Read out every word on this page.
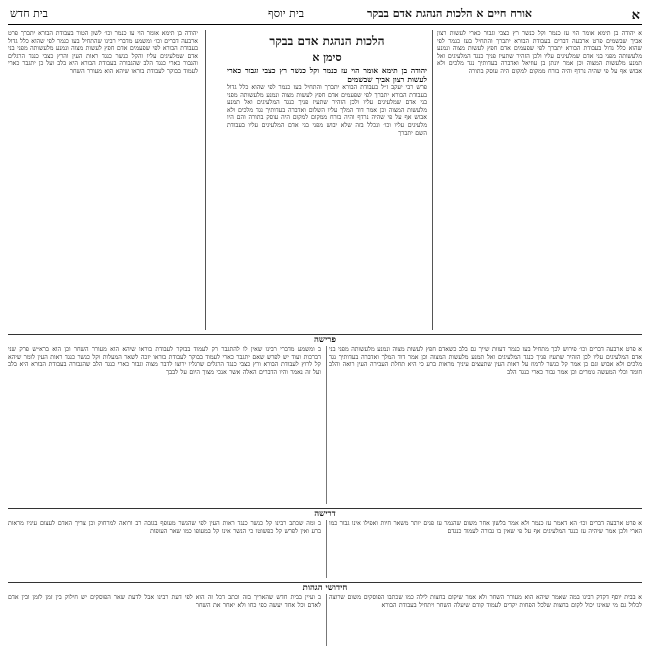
א
אורח חיים א הלכות הנהגת אדם בבקר
בית יוסף
בית חדש

א יהודה בן תימא אומר הוי עז כנמר וקל כנשר רץ כצבי וגבור כארי לעשות רצון אביך שבשמים פרט ארבעה דברים בעבודת הבורא יתברך והתחיל בעז כנמר לפי שהוא כלל גדול בעבודת הבורא יתברך לפי שפעמים אדם חפץ לעשות מצוה ונמנע מלעשותה מפני בני אדם שמלעיגים עליו ולכן הזהיר שתעיז פניך כנגד המלעיגים ואל תמנע מלעשות המצוה וכן אמר יונתן בן עוזיאל ואדברה בעדותיך נגד מלכים ולא אבוש אף על פי שהיה נרדף והיה בורח ממקום למקום היה עוסק בתורה

הלכות הנהגת אדם בבקר
סימן א

יהודה בן תימא אומר הוי עז כנמר וקל כנשר רץ כצבי וגבור כארי לעשות רצון אביך שבשמים

פרש רבי יעקב ז״ל בעבודת הבורא יתברך והתחיל בעז כנמר לפי שהוא כלל גדול בעבודת הבורא יתברך לפי שפעמים אדם חפץ לעשות מצוה ונמנע מלעשותה מפני בני אדם שמלעיגים עליו ולכן הזהיר שתעיז פניך כנגד המלעיגים ואל תמנע מלעשות המצוה וכן אמר דוד המלך עליו השלום ואדברה בעדותיך נגד מלכים ולא אבוש אף על פי שהיה נרדף והיה בורח ממקום למקום היה עוסק בתורה והם היו מלעיגים עליו וכו׳ ונכלל בזה שלא יבוש מפני בני אדם המלעיגים עליו בעבודת השם יתברך

יהודה בן תימא אומר הוי עז כנמר וכו׳ לשון הטור בעבודת הבורא יתברך פרט ארבעה דברים וכו׳ ומשמע מדברי רבינו שהתחיל בעז כנמר לפי שהוא כלל גדול בעבודת הבורא לפי שפעמים אדם חפץ לעשות מצוה ונמנע מלעשותה מפני בני אדם שמלעיגים עליו והקל כנשר כנגד ראות העין והרץ כצבי כנגד הרגלים והגבור כארי כנגד הלב שהגבורה בעבודת הבורא היא בלב ועל כן יתגבר כארי לעמוד בבוקר לעבודת בוראו שיהא הוא מעורר השחר

פרישה

א פרט ארבעה דברים וכו׳ פירוש לכך מתחיל בעז כנמר דעזות שייך גם בלב כשאדם חפץ לעשות מצוה ונמנע מלעשותה מפני בני אדם המלעיגים עליו לכן הזהיר שתעיז פניך כנגד המלעיגים ואל תמנע מלעשות המצוה וכן אמר דוד המלך ואדברה בעדותיך נגד מלכים ולא אבוש וגם כן אמר קל כנשר לרמוז על ראות העין שתעצים עיניך מראות ברע כי היא תחלת העבירה העין רואה והלב חומד וכלי המעשה גומרים וכן אמר גבור כארי כנגד הלב

ב ומשמע מדברי רבינו שאין לו להתגבר רק לעמוד בבוקר לעבודת בוראו שיהא הוא מעורר השחר וכן הוא ברא״ש פרק שני דברכות ועוד יש לפרש שאם יתגבר כארי לעמוד בבוקר לעבודת בוראו יזכה לשאר המעלות וקל כנשר כנגד ראות העין לומר שיהא קל לרוץ לעבודת הבורא ורץ כצבי כנגד הרגלים שרגליו ירוצו לדבר מצוה וגבור כארי כנגד הלב שהגבורה בעבודת הבורא היא בלב ועל זה נאמר והיו הדברים האלה אשר אנכי מצוך היום על לבבך

דרישה

א פרט ארבעה דברים וכו׳ הא דאמר עז כנמר ולא אמר בלשון אחר משום שהנמר עז פנים יותר משאר חיות ואפילו אינו גבור כמו הארי ולכן אמר שיהיה עז כנגד המלעיגים אף על פי שאין בו גבורה לעמוד כנגדם

ב ומה שכתב רבינו קל כנשר כנגד ראות העין לפי שהנשר מעופף בגובה רב ורואה למרחוק וכן צריך האדם לעצום עיניו מראות ברע ואין לפרש קל כפשוטו כי הנשר אינו קל במעופו כמו שאר העופות

חידושי הגהות

א בבית יוסף דקדק רבינו במה שאמר שיהא הוא מעורר השחר ולא אמר שיקום בחצות לילה כמו שכתבו הפוסקים משום שרוצה לכלול גם מי שאינו יכול לקום בחצות שלכל הפחות יקדים לעמוד קודם שיעלה השחר ויתחיל בעבודת הבורא

ב ועיין בבית חדש שהאריך בזה וכתב דכל זה הוא לפי דעת רבינו אבל לדעת שאר הפוסקים יש חילוק בין זמן לזמן ובין אדם לאדם וכל אחד יעשה כפי כחו ולא יאחר את השחר
